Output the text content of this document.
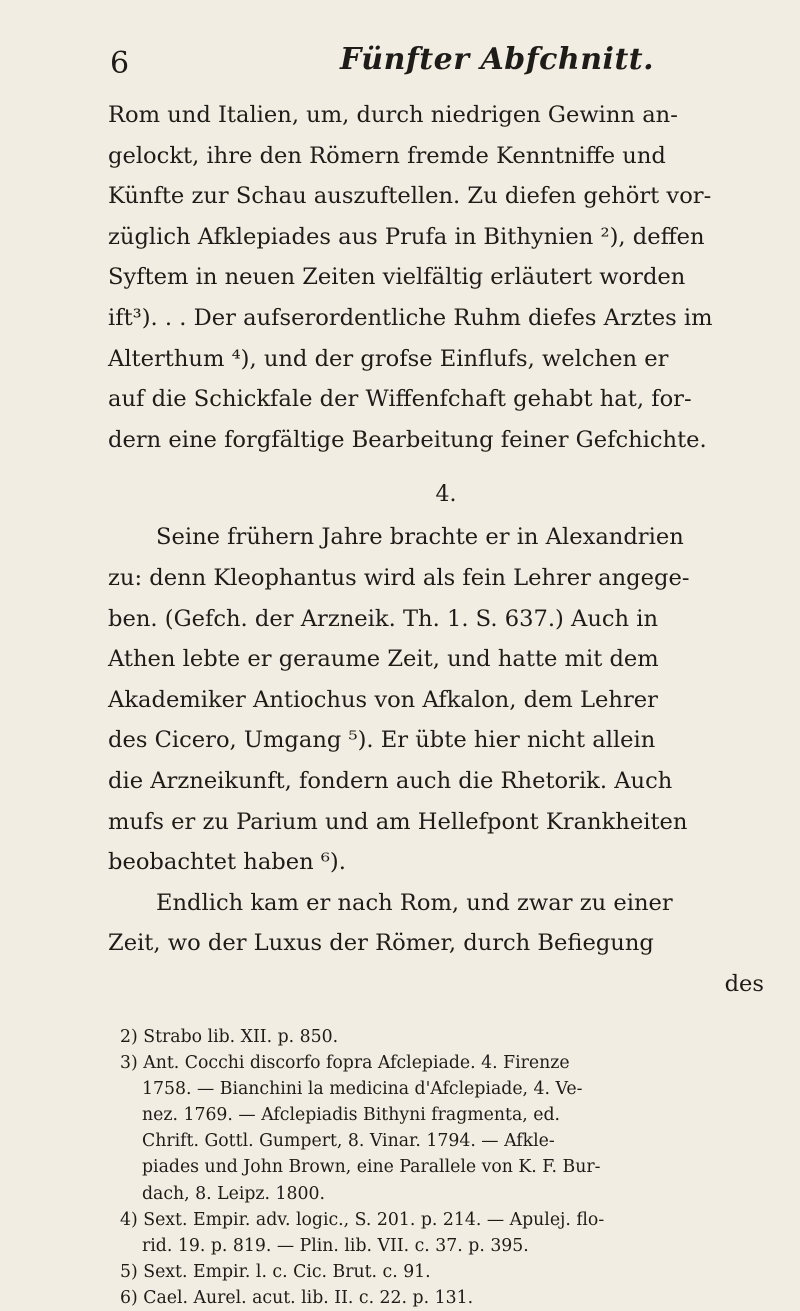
6	Fünfter Abfchnitt.
Rom und Italien, um, durch niedrigen Gewinn an-
gelockt, ihre den Römern fremde Kenntniffe und
Künfte zur Schau auszuftellen. Zu diefen gehört vor-
züglich Afklepiades aus Prufa in Bithynien ²), deffen
Syftem in neuen Zeiten vielfältig erläutert worden
ift³). . . Der aufserordentliche Ruhm diefes Arztes im
Alterthum ⁴), und der grofse Einflufs, welchen er
auf die Schickfale der Wiffenfchaft gehabt hat, for-
dern eine forgfältige Bearbeitung feiner Gefchichte.
4.
Seine frühern Jahre brachte er in Alexandrien
zu: denn Kleophantus wird als fein Lehrer angege-
ben. (Gefch. der Arzneik. Th. 1. S. 637.) Auch in
Athen lebte er geraume Zeit, und hatte mit dem
Akademiker Antiochus von Afkalon, dem Lehrer
des Cicero, Umgang ⁵). Er übte hier nicht allein
die Arzneikunft, fondern auch die Rhetorik. Auch
mufs er zu Parium und am Hellefpont Krankheiten
beobachtet haben ⁶).
Endlich kam er nach Rom, und zwar zu einer
Zeit, wo der Luxus der Römer, durch Befiegung
des
2) Strabo lib. XII. p. 850.
3) Ant. Cocchi discorfo fopra Afclepiade. 4. Firenze
1758. — Bianchini la medicina d'Afclepiade, 4. Ve-
nez. 1769. — Afclepiadis Bithyni fragmenta, ed.
Chrift. Gottl. Gumpert, 8. Vinar. 1794. — Afkle-
piades und John Brown, eine Parallele von K. F. Bur-
dach, 8. Leipz. 1800.
4) Sext. Empir. adv. logic., S. 201. p. 214. — Apulej. flo-
rid. 19. p. 819. — Plin. lib. VII. c. 37. p. 395.
5) Sext. Empir. l. c. Cic. Brut. c. 91.
6) Cael. Aurel. acut. lib. II. c. 22. p. 131.
